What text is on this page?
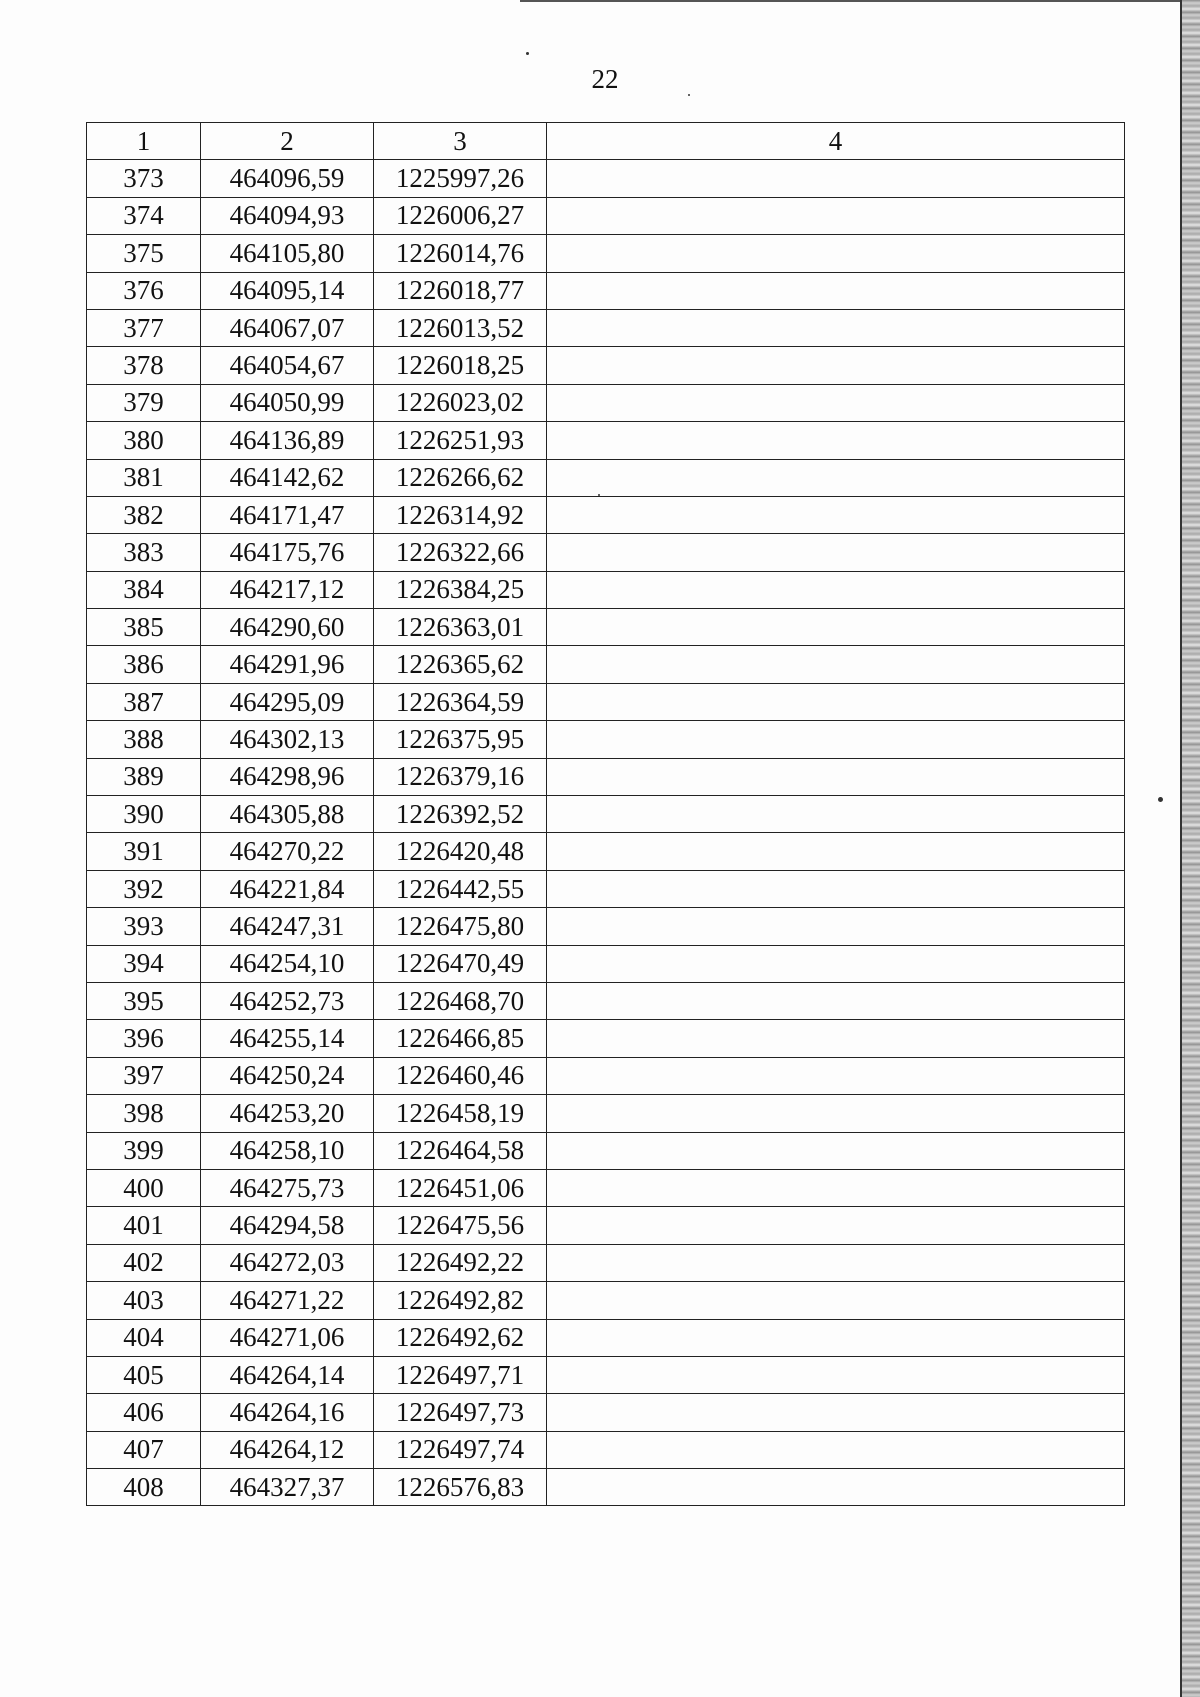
22
1	2	3	4
373	464096,59	1225997,26	
374	464094,93	1226006,27	
375	464105,80	1226014,76	
376	464095,14	1226018,77	
377	464067,07	1226013,52	
378	464054,67	1226018,25	
379	464050,99	1226023,02	
380	464136,89	1226251,93	
381	464142,62	1226266,62	
382	464171,47	1226314,92	
383	464175,76	1226322,66	
384	464217,12	1226384,25	
385	464290,60	1226363,01	
386	464291,96	1226365,62	
387	464295,09	1226364,59	
388	464302,13	1226375,95	
389	464298,96	1226379,16	
390	464305,88	1226392,52	
391	464270,22	1226420,48	
392	464221,84	1226442,55	
393	464247,31	1226475,80	
394	464254,10	1226470,49	
395	464252,73	1226468,70	
396	464255,14	1226466,85	
397	464250,24	1226460,46	
398	464253,20	1226458,19	
399	464258,10	1226464,58	
400	464275,73	1226451,06	
401	464294,58	1226475,56	
402	464272,03	1226492,22	
403	464271,22	1226492,82	
404	464271,06	1226492,62	
405	464264,14	1226497,71	
406	464264,16	1226497,73	
407	464264,12	1226497,74	
408	464327,37	1226576,83	
